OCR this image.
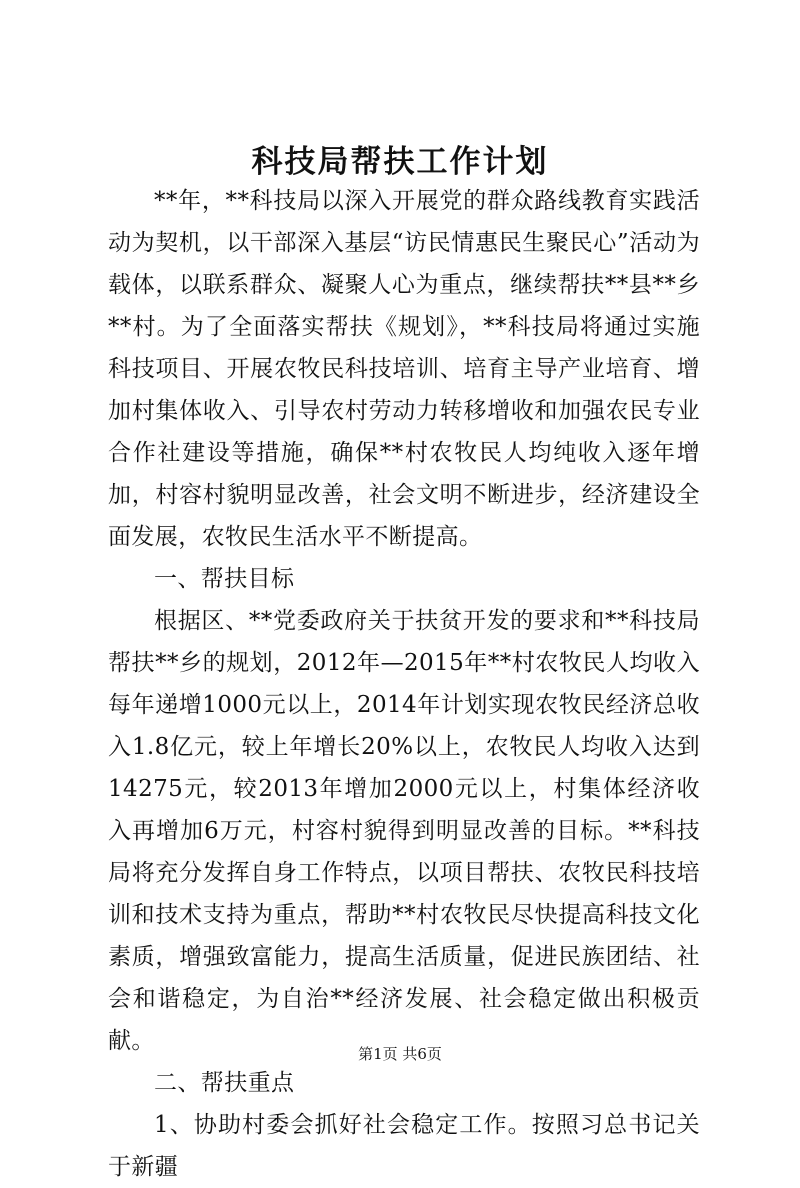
科技局帮扶工作计划

**年，**科技局以深入开展党的群众路线教育实践活动为契机，以干部深入基层“访民情惠民生聚民心”活动为载体，以联系群众、凝聚人心为重点，继续帮扶**县**乡**村。为了全面落实帮扶《规划》，**科技局将通过实施科技项目、开展农牧民科技培训、培育主导产业培育、增加村集体收入、引导农村劳动力转移增收和加强农民专业合作社建设等措施，确保**村农牧民人均纯收入逐年增加，村容村貌明显改善，社会文明不断进步，经济建设全面发展，农牧民生活水平不断提高。

一、帮扶目标

根据区、**党委政府关于扶贫开发的要求和**科技局帮扶**乡的规划，2012年—2015年**村农牧民人均收入每年递增1000元以上，2014年计划实现农牧民经济总收入1.8亿元，较上年增长20%以上，农牧民人均收入达到14275元，较2013年增加2000元以上，村集体经济收入再增加6万元，村容村貌得到明显改善的目标。**科技局将充分发挥自身工作特点，以项目帮扶、农牧民科技培训和技术支持为重点，帮助**村农牧民尽快提高科技文化素质，增强致富能力，提高生活质量，促进民族团结、社会和谐稳定，为自治**经济发展、社会稳定做出积极贡献。

二、帮扶重点

1、协助村委会抓好社会稳定工作。按照习总书记关于新疆

第1页 共6页
